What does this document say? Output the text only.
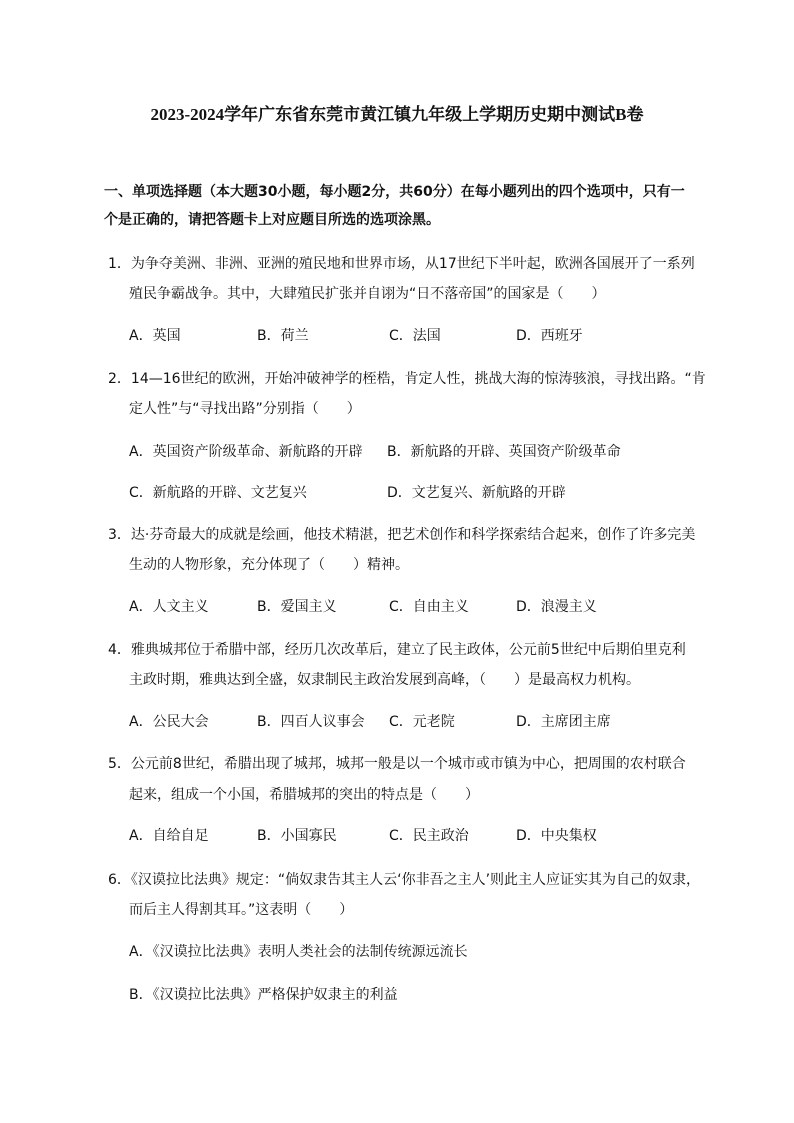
2023-2024学年广东省东莞市黄江镇九年级上学期历史期中测试B卷
一、单项选择题（本大题30小题，每小题2分，共60分）在每小题列出的四个选项中，只有一
个是正确的，请把答题卡上对应题目所选的选项涂黑。
1．为争夺美洲、非洲、亚洲的殖民地和世界市场，从17世纪下半叶起，欧洲各国展开了一系列
殖民争霸战争。其中，大肆殖民扩张并自诩为“日不落帝国”的国家是（　　）
A．英国	B．荷兰	C．法国	D．西班牙
2．14—16世纪的欧洲，开始冲破神学的桎梏，肯定人性，挑战大海的惊涛骇浪，寻找出路。“肯
定人性”与“寻找出路”分别指（　　）
A．英国资产阶级革命、新航路的开辟 B．新航路的开辟、英国资产阶级革命
C．新航路的开辟、文艺复兴	D．文艺复兴、新航路的开辟
3．达·芬奇最大的成就是绘画，他技术精湛，把艺术创作和科学探索结合起来，创作了许多完美
生动的人物形象，充分体现了（　　）精神。
A．人文主义	B．爱国主义	C．自由主义	D．浪漫主义
4．雅典城邦位于希腊中部，经历几次改革后，建立了民主政体，公元前5世纪中后期伯里克利
主政时期，雅典达到全盛，奴隶制民主政治发展到高峰，（　　）是最高权力机构。
A．公民大会	B．四百人议事会 C．元老院	D．主席团主席
5．公元前8世纪，希腊出现了城邦，城邦一般是以一个城市或市镇为中心，把周围的农村联合
起来，组成一个小国，希腊城邦的突出的特点是（　　）
A．自给自足	B．小国寡民	C．民主政治	D．中央集权
6．《汉谟拉比法典》规定：“倘奴隶告其主人云‘你非吾之主人’则此主人应证实其为自己的奴隶，
而后主人得割其耳。”这表明（　　）
A．《汉谟拉比法典》表明人类社会的法制传统源远流长
B．《汉谟拉比法典》严格保护奴隶主的利益
